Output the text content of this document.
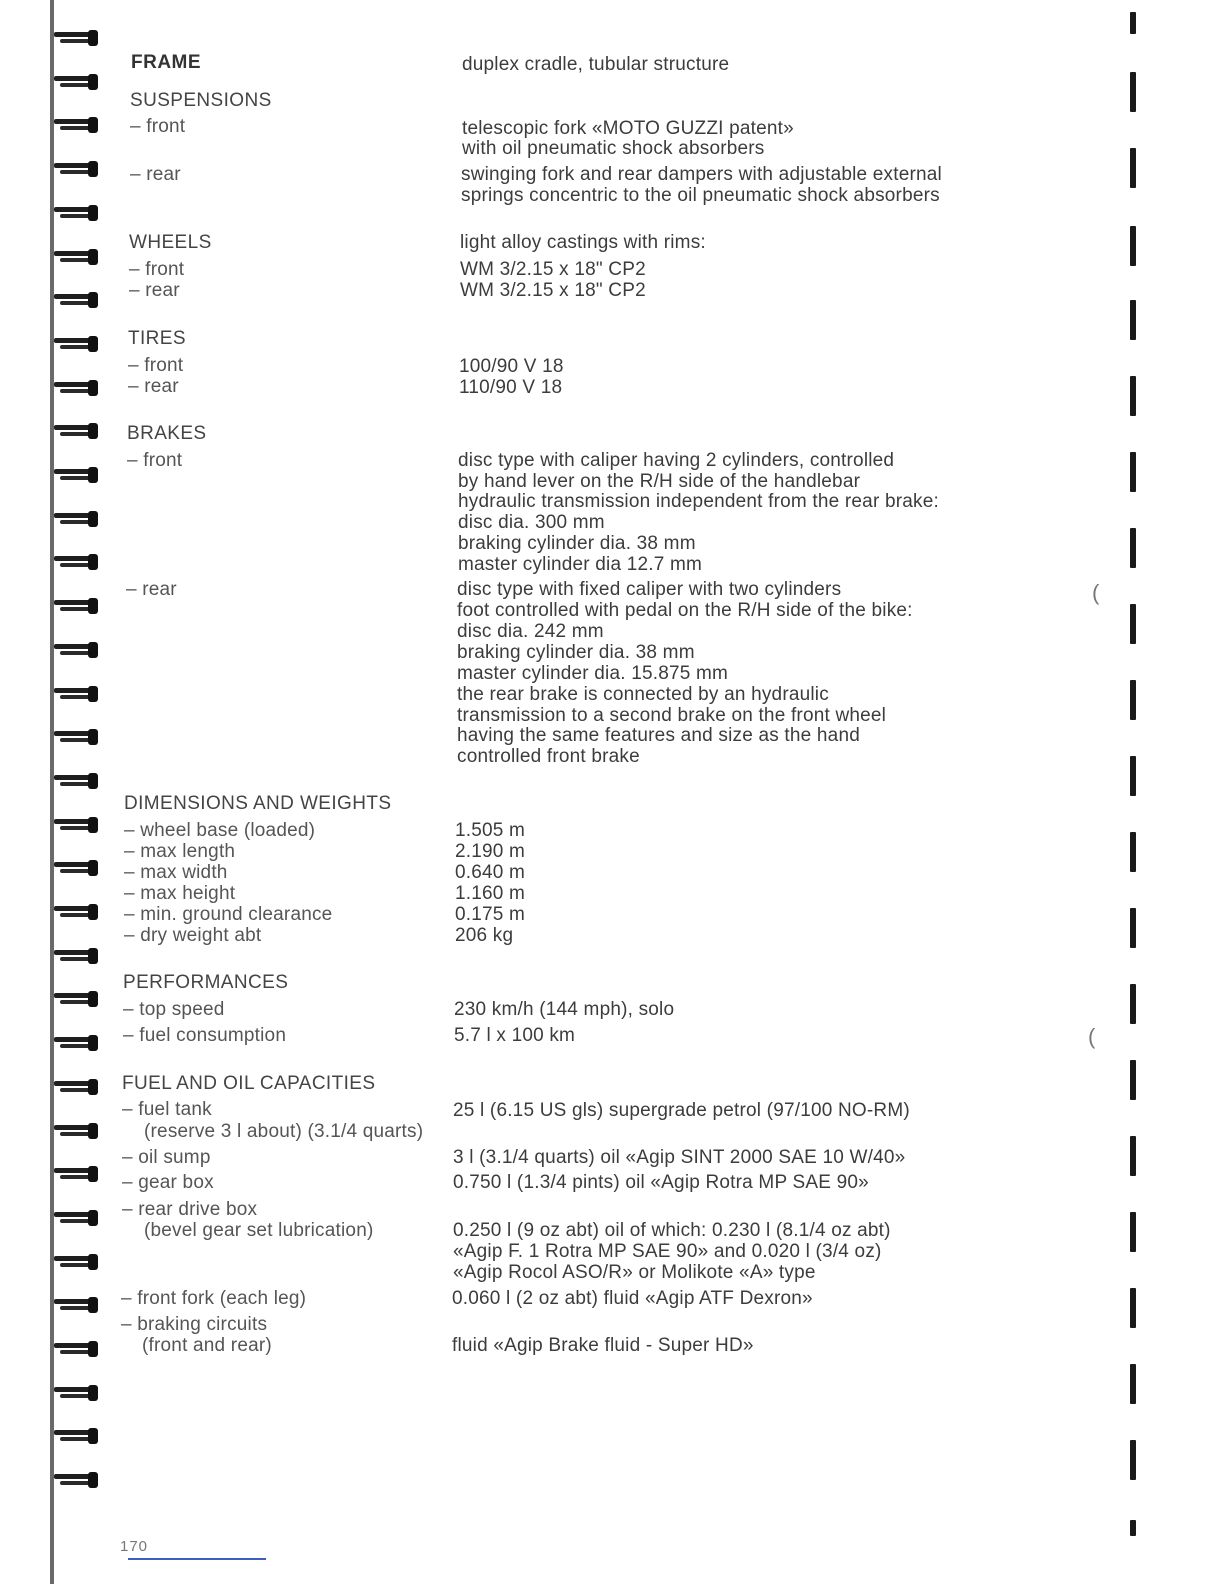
(
(
FRAME	duplex cradle, tubular structure
SUSPENSIONS
– front	telescopic fork «MOTO GUZZI patent»
with oil pneumatic shock absorbers
– rear	swinging fork and rear dampers with adjustable external
springs concentric to the oil pneumatic shock absorbers
WHEELS	light alloy castings with rims:
– front	WM 3/2.15 x 18" CP2
– rear	WM 3/2.15 x 18" CP2
TIRES
– front	100/90 V 18
– rear	110/90 V 18
BRAKES
– front	disc type with caliper having 2 cylinders, controlled
by hand lever on the R/H side of the handlebar
hydraulic transmission independent from the rear brake:
disc dia. 300 mm
braking cylinder dia. 38 mm
master cylinder dia 12.7 mm
– rear	disc type with fixed caliper with two cylinders
foot controlled with pedal on the R/H side of the bike:
disc dia. 242 mm
braking cylinder dia. 38 mm
master cylinder dia. 15.875 mm
the rear brake is connected by an hydraulic
transmission to a second brake on the front wheel
having the same features and size as the hand
controlled front brake
DIMENSIONS AND WEIGHTS
– wheel base (loaded)	1.505 m
– max length	2.190 m
– max width	0.640 m
– max height	1.160 m
– min. ground clearance	0.175 m
– dry weight abt	206 kg
PERFORMANCES
– top speed	230 km/h (144 mph), solo
– fuel consumption	5.7 l x 100 km
FUEL AND OIL CAPACITIES
– fuel tank	25 l (6.15 US gls) supergrade petrol (97/100 NO-RM)
(reserve 3 l about) (3.1/4 quarts)
– oil sump	3 l (3.1/4 quarts) oil «Agip SINT 2000 SAE 10 W/40»
– gear box	0.750 l (1.3/4 pints) oil «Agip Rotra MP SAE 90»
– rear drive box
(bevel gear set lubrication)	0.250 l (9 oz abt) oil of which: 0.230 l (8.1/4 oz abt)
«Agip F. 1 Rotra MP SAE 90» and 0.020 l (3/4 oz)
«Agip Rocol ASO/R» or Molikote «A» type
– front fork (each leg)	0.060 l (2 oz abt) fluid «Agip ATF Dexron»
– braking circuits
(front and rear)	fluid «Agip Brake fluid - Super HD»
170
